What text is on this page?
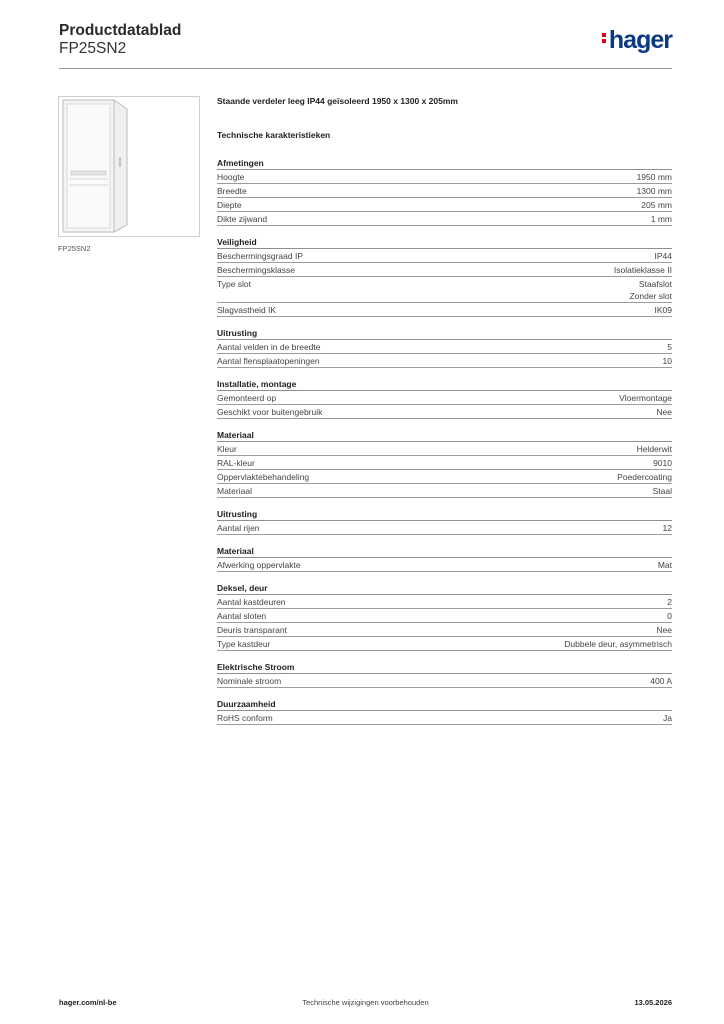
Productdatablad
FP25SN2	hager
FP25SN2
Staande verdeler leeg IP44 geïsoleerd 1950 x 1300 x 205mm
Technische karakteristieken
Afmetingen
Hoogte	1950 mm
Breedte	1300 mm
Diepte	205 mm
Dikte zijwand	1 mm
Veiligheid
Beschermingsgraad IP	IP44
Beschermingsklasse	Isolatieklasse II
Type slot	Staafslot
Zonder slot
Slagvastheid IK	IK09
Uitrusting
Aantal velden in de breedte	5
Aantal flensplaatopeningen	10
Installatie, montage
Gemonteerd op	Vloermontage
Geschikt voor buitengebruik	Nee
Materiaal
Kleur	Helderwit
RAL-kleur	9010
Oppervlaktebehandeling	Poedercoating
Materiaal	Staal
Uitrusting
Aantal rijen	12
Materiaal
Afwerking oppervlakte	Mat
Deksel, deur
Aantal kastdeuren	2
Aantal sloten	0
Deuris transparant	Nee
Type kastdeur	Dubbele deur, asymmetrisch
Elektrische Stroom
Nominale stroom	400 A
Duurzaamheid
RoHS conform	Ja
hager.com/nl-be	Technische wijzigingen voorbehouden	13.05.2026
